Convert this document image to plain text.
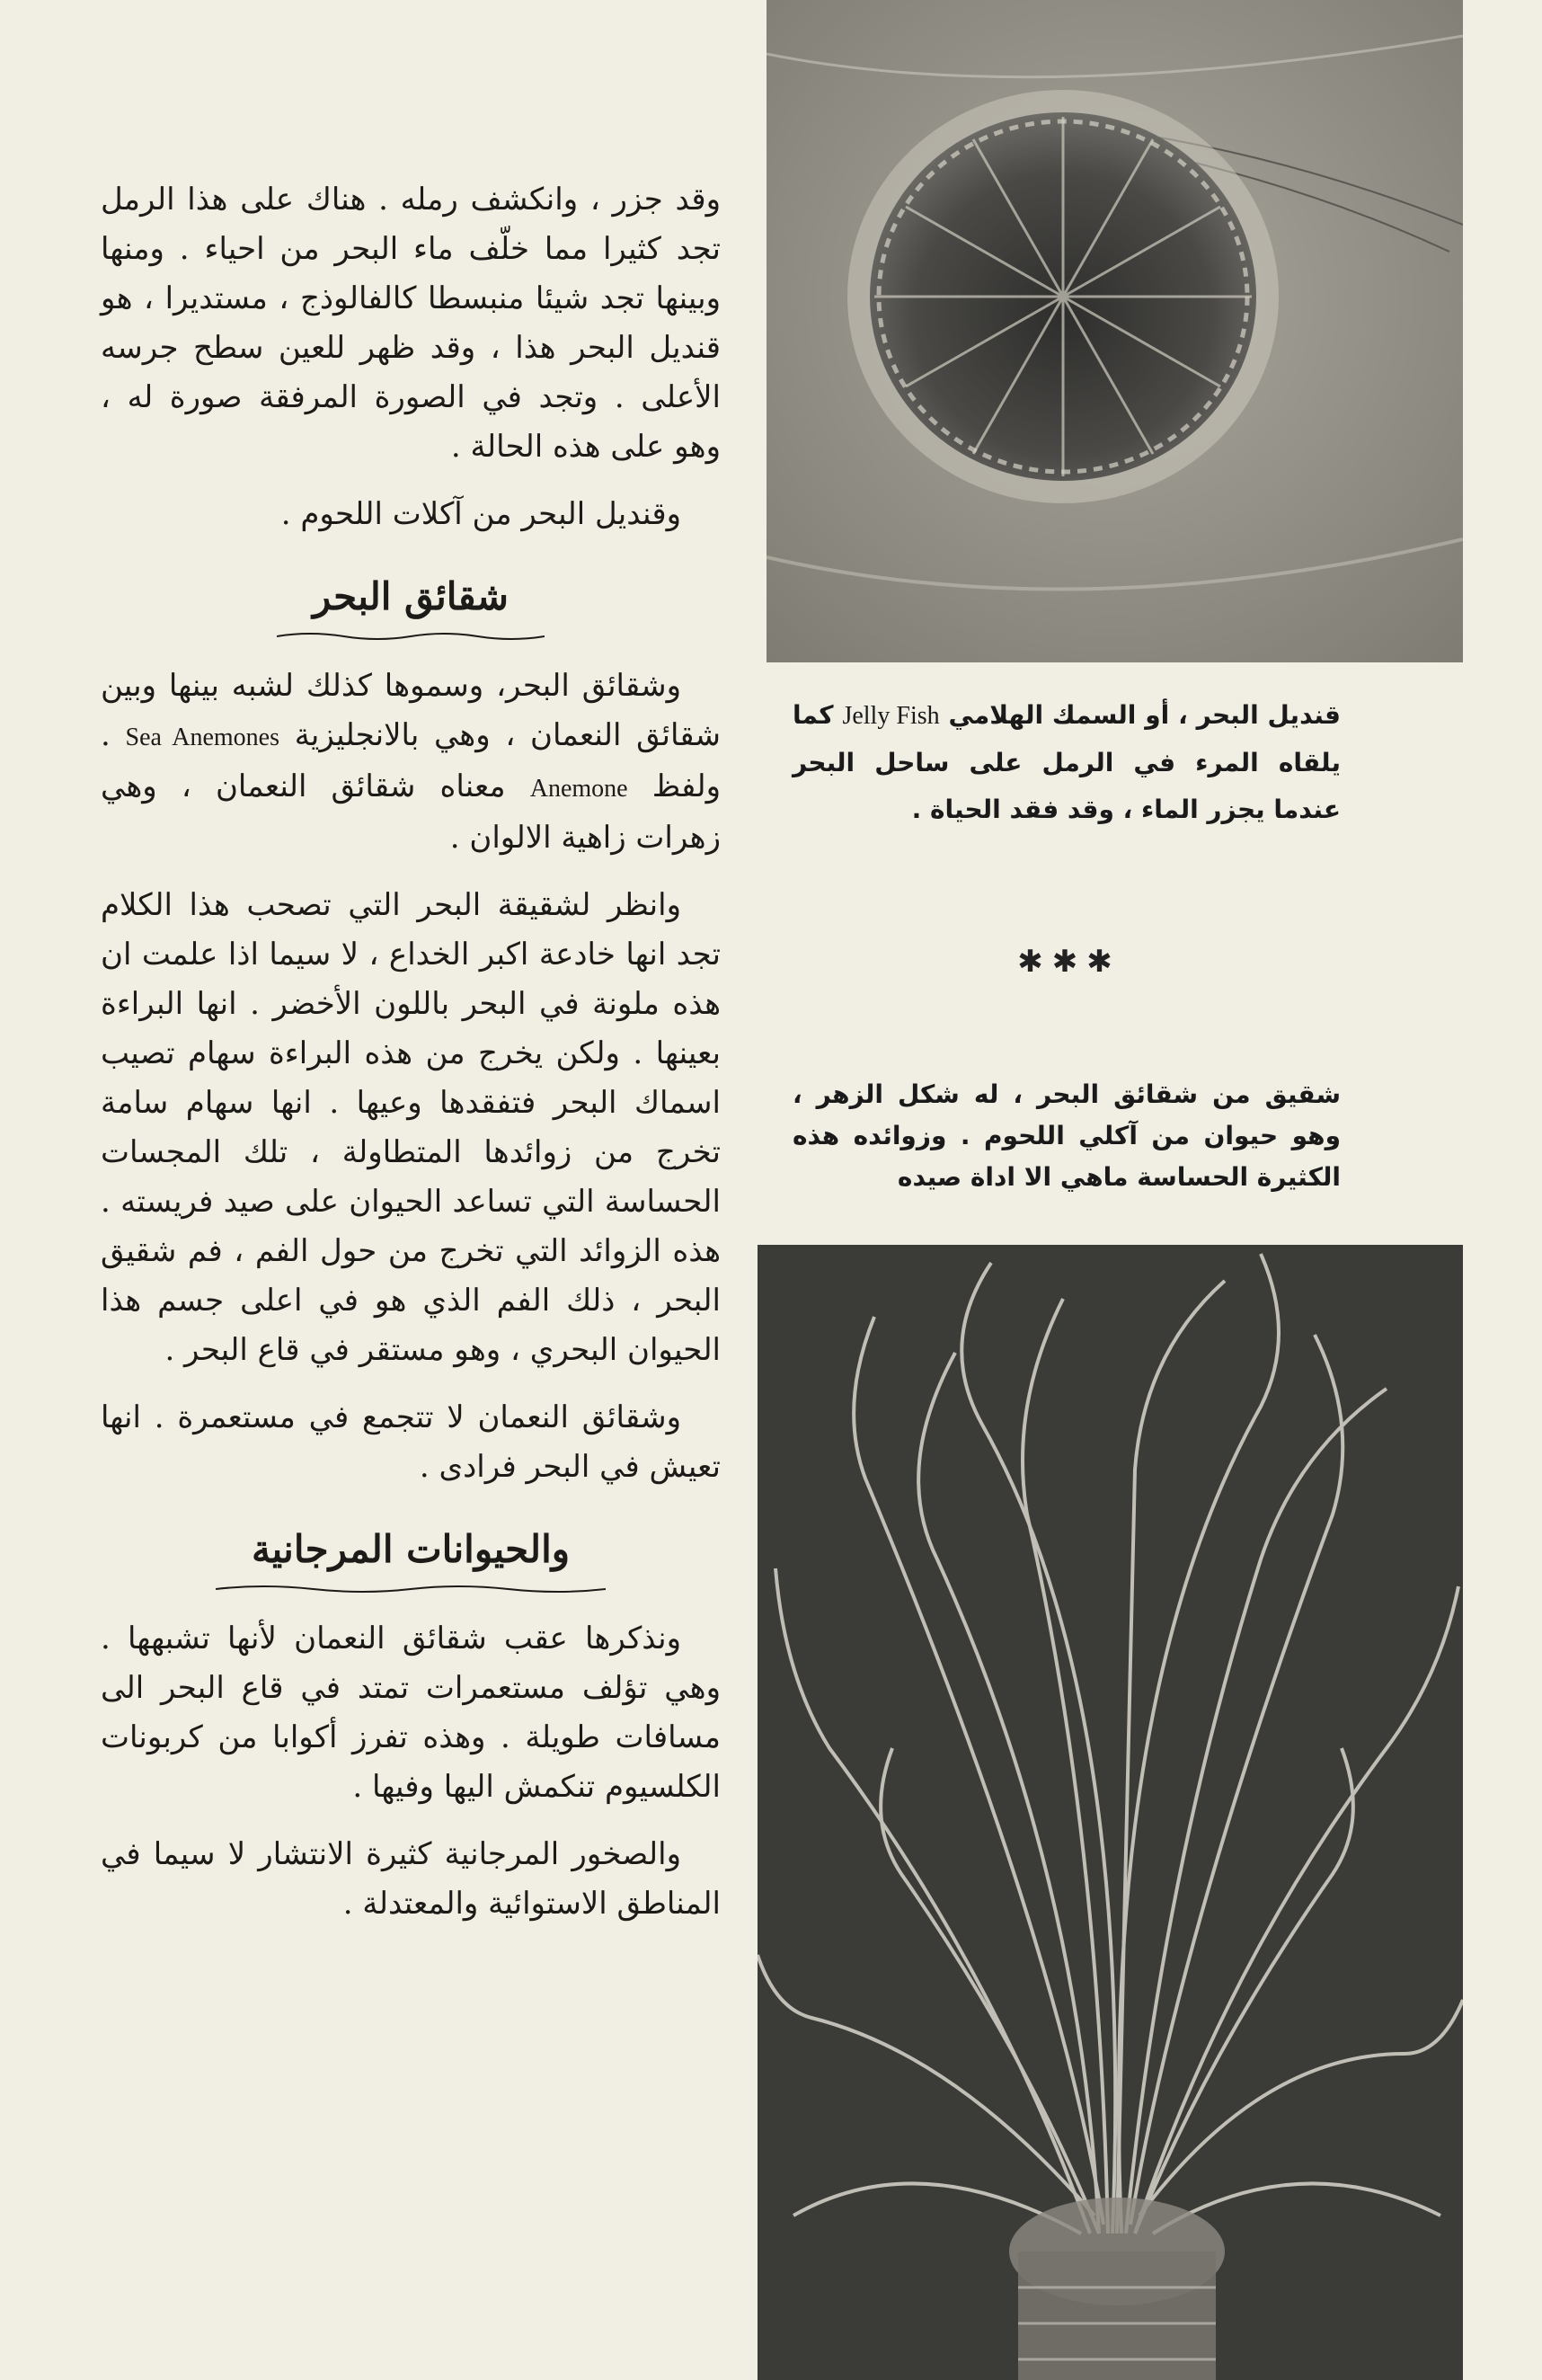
قنديل البحر ، أو السمك الهلامي Jelly Fish كما يلقاه المرء في الرمل على ساحل البحر عندما يجزر الماء ، وقد فقد الحياة .
✱✱✱
شقيق من شقائق البحر ، له شكل الزهر ، وهو حيوان من آكلي اللحوم . وزوائده هذه الكثيرة الحساسة ماهي الا اداة صيده

وقد جزر ، وانكشف رمله . هناك على هذا الرمل تجد كثيرا مما خلّف ماء البحر من احياء . ومنها وبينها تجد شيئا منبسطا كالفالوذج ، مستديرا ، هو قنديل البحر هذا ، وقد ظهر للعين سطح جرسه الأعلى . وتجد في الصورة المرفقة صورة له ، وهو على هذه الحالة .

وقنديل البحر من آكلات اللحوم .

شقائق البحر

وشقائق البحر، وسموها كذلك لشبه بينها وبين شقائق النعمان ، وهي بالانجليزية Sea Anemones . ولفظ Anemone معناه شقائق النعمان ، وهي زهرات زاهية الالوان .

وانظر لشقيقة البحر التي تصحب هذا الكلام تجد انها خادعة اكبر الخداع ، لا سيما اذا علمت ان هذه ملونة في البحر باللون الأخضر . انها البراءة بعينها . ولكن يخرج من هذه البراءة سهام تصيب اسماك البحر فتفقدها وعيها . انها سهام سامة تخرج من زوائدها المتطاولة ، تلك المجسات الحساسة التي تساعد الحيوان على صيد فريسته . هذه الزوائد التي تخرج من حول الفم ، فم شقيق البحر ، ذلك الفم الذي هو في اعلى جسم هذا الحيوان البحري ، وهو مستقر في قاع البحر .

وشقائق النعمان لا تتجمع في مستعمرة . انها تعيش في البحر فرادى .

والحيوانات المرجانية

ونذكرها عقب شقائق النعمان لأنها تشبهها . وهي تؤلف مستعمرات تمتد في قاع البحر الى مسافات طويلة . وهذه تفرز أكوابا من كربونات الكلسيوم تنكمش اليها وفيها .

والصخور المرجانية كثيرة الانتشار لا سيما في المناطق الاستوائية والمعتدلة .
